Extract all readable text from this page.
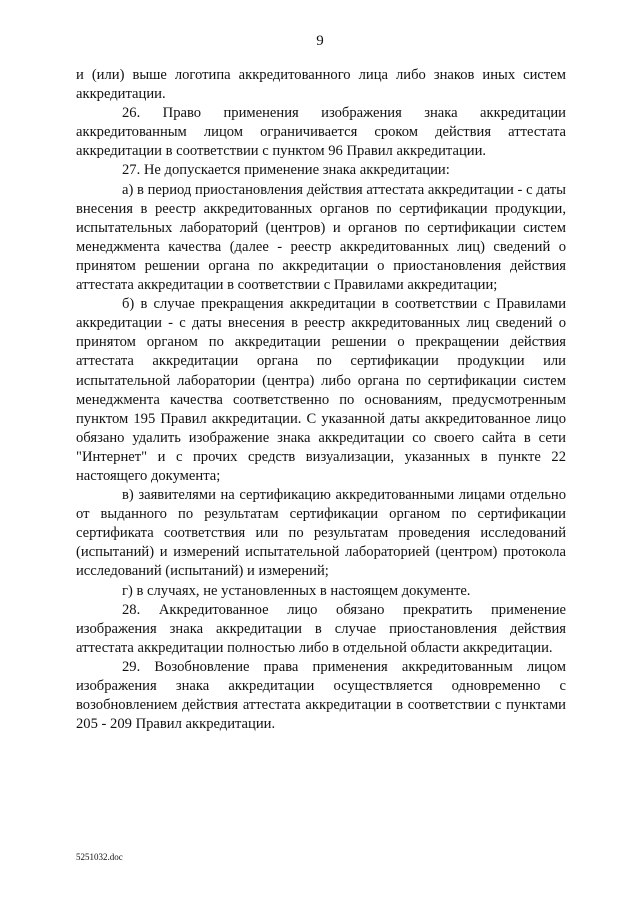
9

и (или) выше логотипа аккредитованного лица либо знаков иных систем аккредитации.

26. Право применения изображения знака аккредитации аккредитованным лицом ограничивается сроком действия аттестата аккредитации в соответствии с пунктом 96 Правил аккредитации.

27. Не допускается применение знака аккредитации:

а) в период приостановления действия аттестата аккредитации - с даты внесения в реестр аккредитованных органов по сертификации продукции, испытательных лабораторий (центров) и органов по сертификации систем менеджмента качества (далее - реестр аккредитованных лиц) сведений о принятом решении органа по аккредитации о приостановления действия аттестата аккредитации в соответствии с Правилами аккредитации;

б) в случае прекращения аккредитации в соответствии с Правилами аккредитации - с даты внесения в реестр аккредитованных лиц сведений о принятом органом по аккредитации решении о прекращении действия аттестата аккредитации органа по сертификации продукции или испытательной лаборатории (центра) либо органа по сертификации систем менеджмента качества соответственно по основаниям, предусмотренным пунктом 195 Правил аккредитации. С указанной даты аккредитованное лицо обязано удалить изображение знака аккредитации со своего сайта в сети "Интернет" и с прочих средств визуализации, указанных в пункте 22 настоящего документа;

в) заявителями на сертификацию аккредитованными лицами отдельно от выданного по результатам сертификации органом по сертификации сертификата соответствия или по результатам проведения исследований (испытаний) и измерений испытательной лабораторией (центром) протокола исследований (испытаний) и измерений;

г) в случаях, не установленных в настоящем документе.

28. Аккредитованное лицо обязано прекратить применение изображения знака аккредитации в случае приостановления действия аттестата аккредитации полностью либо в отдельной области аккредитации.

29. Возобновление права применения аккредитованным лицом изображения знака аккредитации осуществляется одновременно с возобновлением действия аттестата аккредитации в соответствии с пунктами 205 - 209 Правил аккредитации.

5251032.doc
